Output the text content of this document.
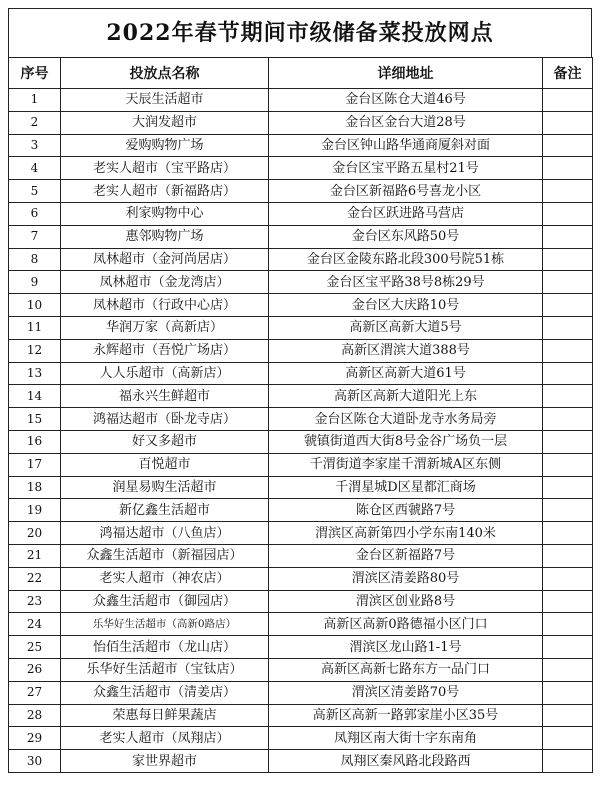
2022年春节期间市级储备菜投放网点
序号	投放点名称	详细地址	备注
1	天辰生活超市	金台区陈仓大道46号	
2	大润发超市	金台区金台大道28号	
3	爱购购物广场	金台区钟山路华通商厦斜对面	
4	老实人超市（宝平路店）	金台区宝平路五星村21号	
5	老实人超市（新福路店）	金台区新福路6号喜龙小区	
6	利家购物中心	金台区跃进路马营店	
7	惠邻购物广场	金台区东风路50号	
8	凤林超市（金河尚居店）	金台区金陵东路北段300号院51栋	
9	凤林超市（金龙湾店）	金台区宝平路38号8栋29号	
10	凤林超市（行政中心店）	金台区大庆路10号	
11	华润万家（高新店）	高新区高新大道5号	
12	永辉超市（吾悦广场店）	高新区渭滨大道388号	
13	人人乐超市（高新店）	高新区高新大道61号	
14	福永兴生鲜超市	高新区高新大道阳光上东	
15	鸿福达超市（卧龙寺店）	金台区陈仓大道卧龙寺水务局旁	
16	好又多超市	虢镇街道西大街8号金谷广场负一层	
17	百悦超市	千渭街道李家崖千渭新城A区东侧	
18	润星易购生活超市	千渭星城D区星都汇商场	
19	新亿鑫生活超市	陈仓区西虢路7号	
20	鸿福达超市（八鱼店）	渭滨区高新第四小学东南140米	
21	众鑫生活超市（新福园店）	金台区新福路7号	
22	老实人超市（神农店）	渭滨区清姜路80号	
23	众鑫生活超市（御园店）	渭滨区创业路8号	
24	乐华好生活超市（高新0路店）	高新区高新0路德福小区门口	
25	怡佰生活超市（龙山店）	渭滨区龙山路1-1号	
26	乐华好生活超市（宝钛店）	高新区高新七路东方一品门口	
27	众鑫生活超市（清姜店）	渭滨区清姜路70号	
28	荣惠每日鲜果蔬店	高新区高新一路郭家崖小区35号	
29	老实人超市（凤翔店）	凤翔区南大街十字东南角	
30	家世界超市	凤翔区秦风路北段路西	
